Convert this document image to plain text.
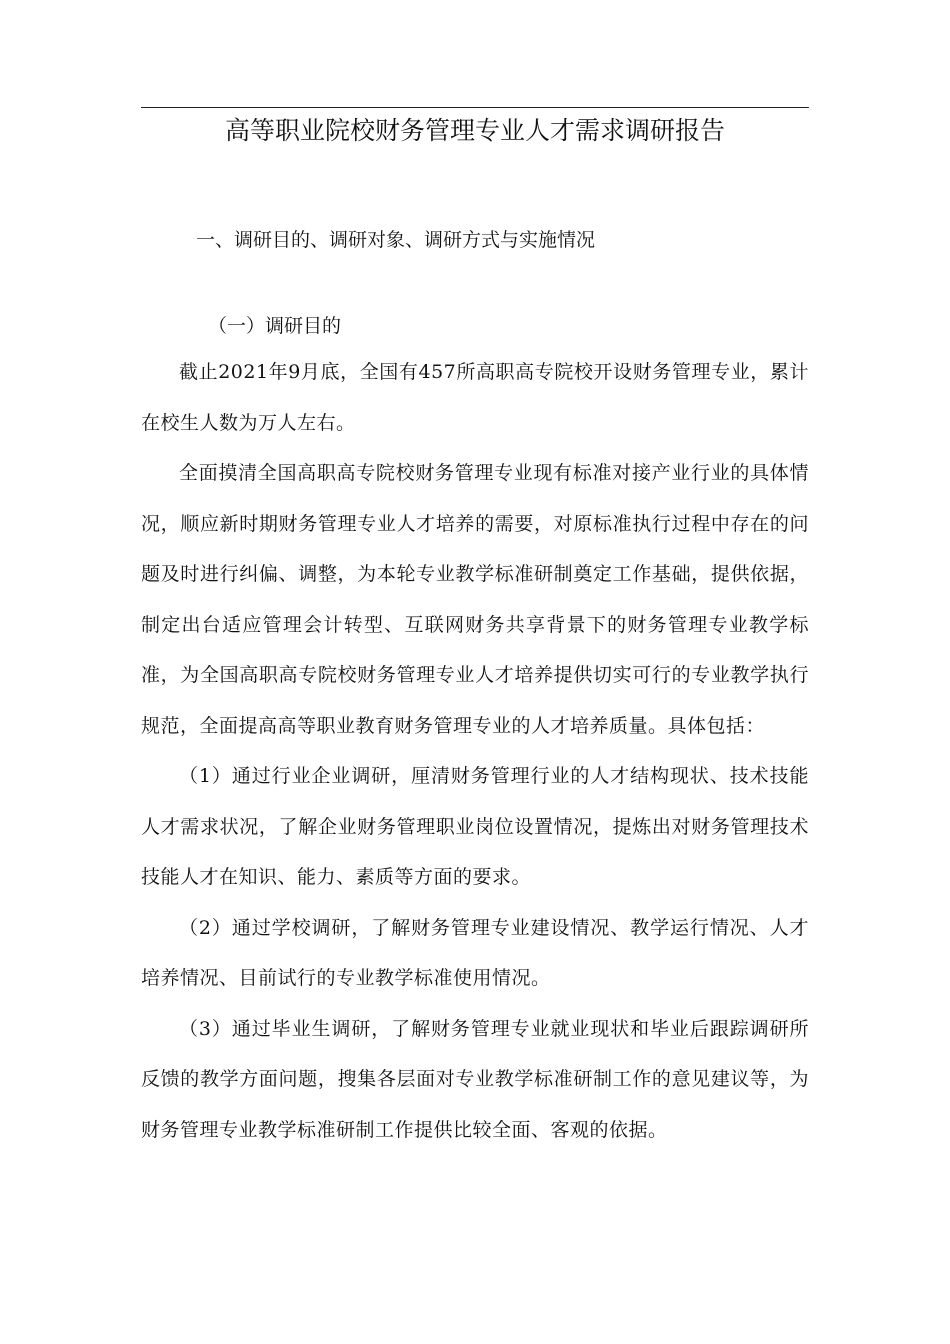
高等职业院校财务管理专业人才需求调研报告
一、调研目的、调研对象、调研方式与实施情况
（一）调研目的

截止2021年9月底，全国有457所高职高专院校开设财务管理专业，累计在校生人数为万人左右。

全面摸清全国高职高专院校财务管理专业现有标准对接产业行业的具体情况，顺应新时期财务管理专业人才培养的需要，对原标准执行过程中存在的问题及时进行纠偏、调整，为本轮专业教学标准研制奠定工作基础，提供依据，制定出台适应管理会计转型、互联网财务共享背景下的财务管理专业教学标准，为全国高职高专院校财务管理专业人才培养提供切实可行的专业教学执行规范，全面提高高等职业教育财务管理专业的人才培养质量。具体包括：

（1）通过行业企业调研，厘清财务管理行业的人才结构现状、技术技能人才需求状况，了解企业财务管理职业岗位设置情况，提炼出对财务管理技术技能人才在知识、能力、素质等方面的要求。

（2）通过学校调研，了解财务管理专业建设情况、教学运行情况、人才培养情况、目前试行的专业教学标准使用情况。

（3）通过毕业生调研，了解财务管理专业就业现状和毕业后跟踪调研所反馈的教学方面问题，搜集各层面对专业教学标准研制工作的意见建议等，为财务管理专业教学标准研制工作提供比较全面、客观的依据。
